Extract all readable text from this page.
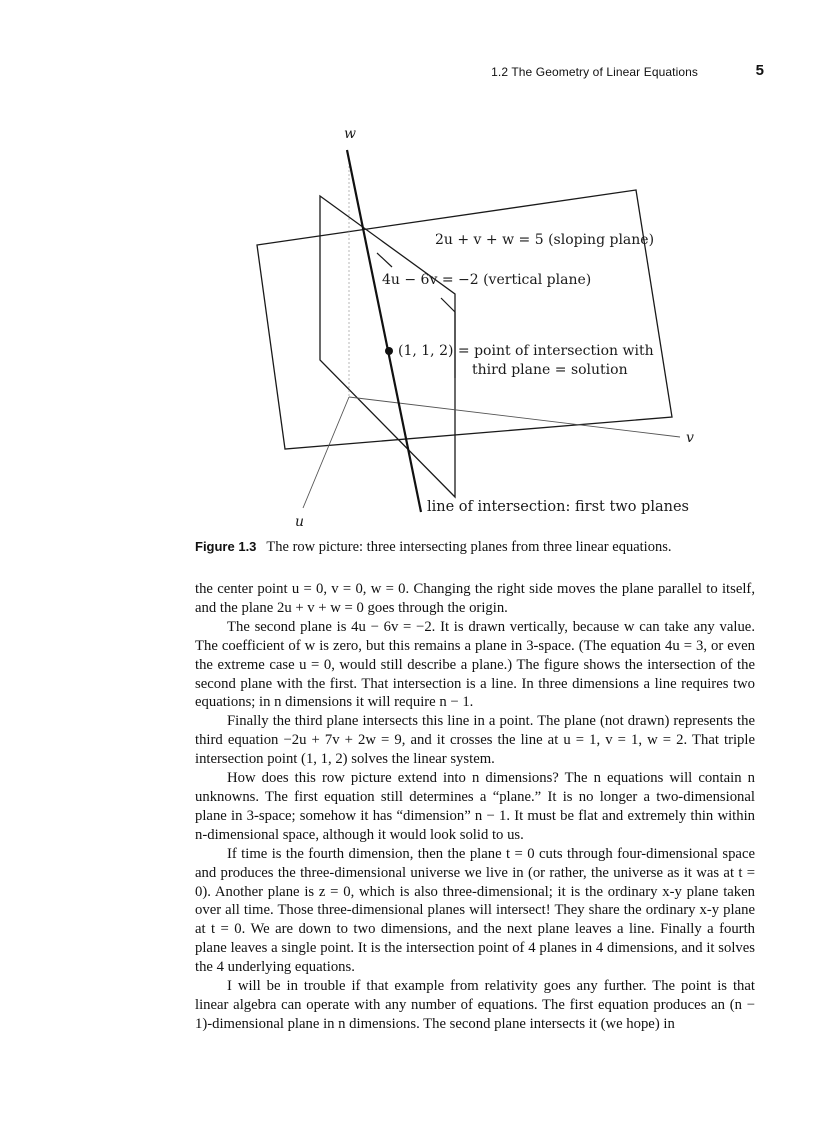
1.2 The Geometry of Linear Equations	5
w
v
u
2u + v + w = 5 (sloping plane)
4u − 6v = −2 (vertical plane)
(1, 1, 2) = point of intersection with
third plane = solution
line of intersection: first two planes
Figure 1.3 The row picture: three intersecting planes from three linear equations.

the center point u = 0, v = 0, w = 0. Changing the right side moves the plane parallel to itself, and the plane 2u + v + w = 0 goes through the origin.

The second plane is 4u − 6v = −2. It is drawn vertically, because w can take any value. The coefficient of w is zero, but this remains a plane in 3-space. (The equation 4u = 3, or even the extreme case u = 0, would still describe a plane.) The figure shows the intersection of the second plane with the first. That intersection is a line. In three dimensions a line requires two equations; in n dimensions it will require n − 1.

Finally the third plane intersects this line in a point. The plane (not drawn) represents the third equation −2u + 7v + 2w = 9, and it crosses the line at u = 1, v = 1, w = 2. That triple intersection point (1, 1, 2) solves the linear system.

How does this row picture extend into n dimensions? The n equations will contain n unknowns. The first equation still determines a “plane.” It is no longer a two-dimensional plane in 3-space; somehow it has “dimension” n − 1. It must be flat and extremely thin within n-dimensional space, although it would look solid to us.

If time is the fourth dimension, then the plane t = 0 cuts through four-dimensional space and produces the three-dimensional universe we live in (or rather, the universe as it was at t = 0). Another plane is z = 0, which is also three-dimensional; it is the ordinary x-y plane taken over all time. Those three-dimensional planes will intersect! They share the ordinary x-y plane at t = 0. We are down to two dimensions, and the next plane leaves a line. Finally a fourth plane leaves a single point. It is the intersection point of 4 planes in 4 dimensions, and it solves the 4 underlying equations.

I will be in trouble if that example from relativity goes any further. The point is that linear algebra can operate with any number of equations. The first equation produces an (n − 1)-dimensional plane in n dimensions. The second plane intersects it (we hope) in
